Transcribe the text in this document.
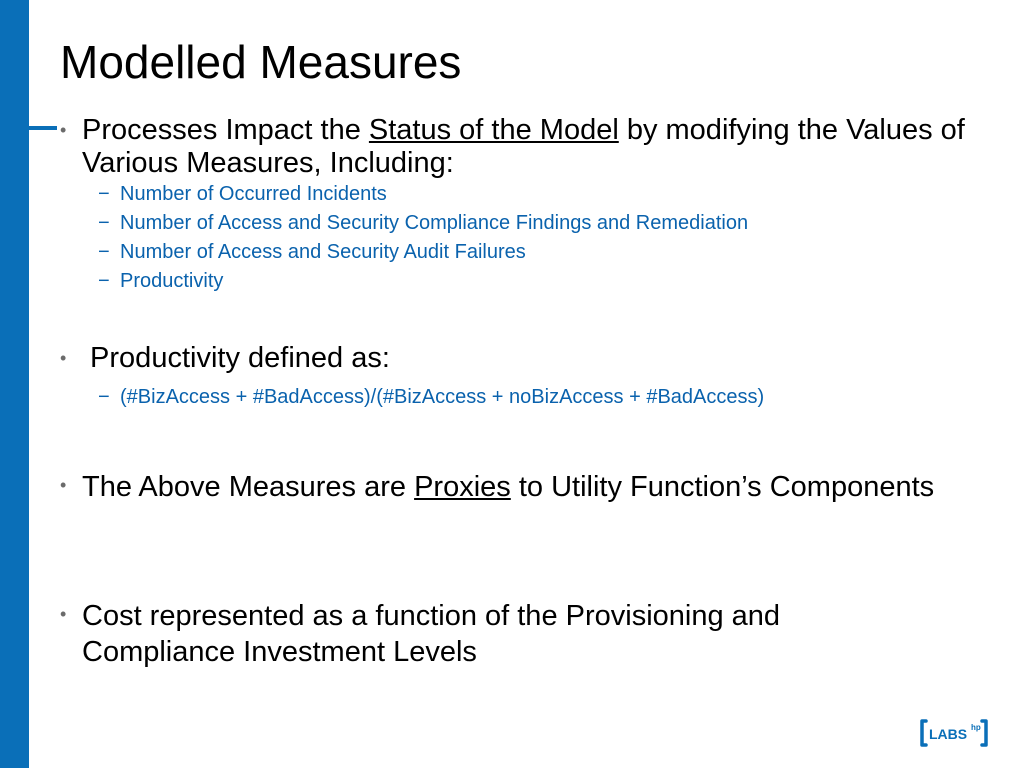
Modelled Measures
• Processes Impact the Status of the Model by modifying the Values of Various Measures, Including:
− Number of Occurred Incidents
− Number of Access and Security Compliance Findings and Remediation
− Number of Access and Security Audit Failures
− Productivity
• Productivity defined as:
− (#BizAccess + #BadAccess)/(#BizAccess + noBizAccess + #BadAccess)
• The Above Measures are Proxies to Utility Function’s Components
• Cost represented as a function of the Provisioning and Compliance Investment Levels
LABS hp
